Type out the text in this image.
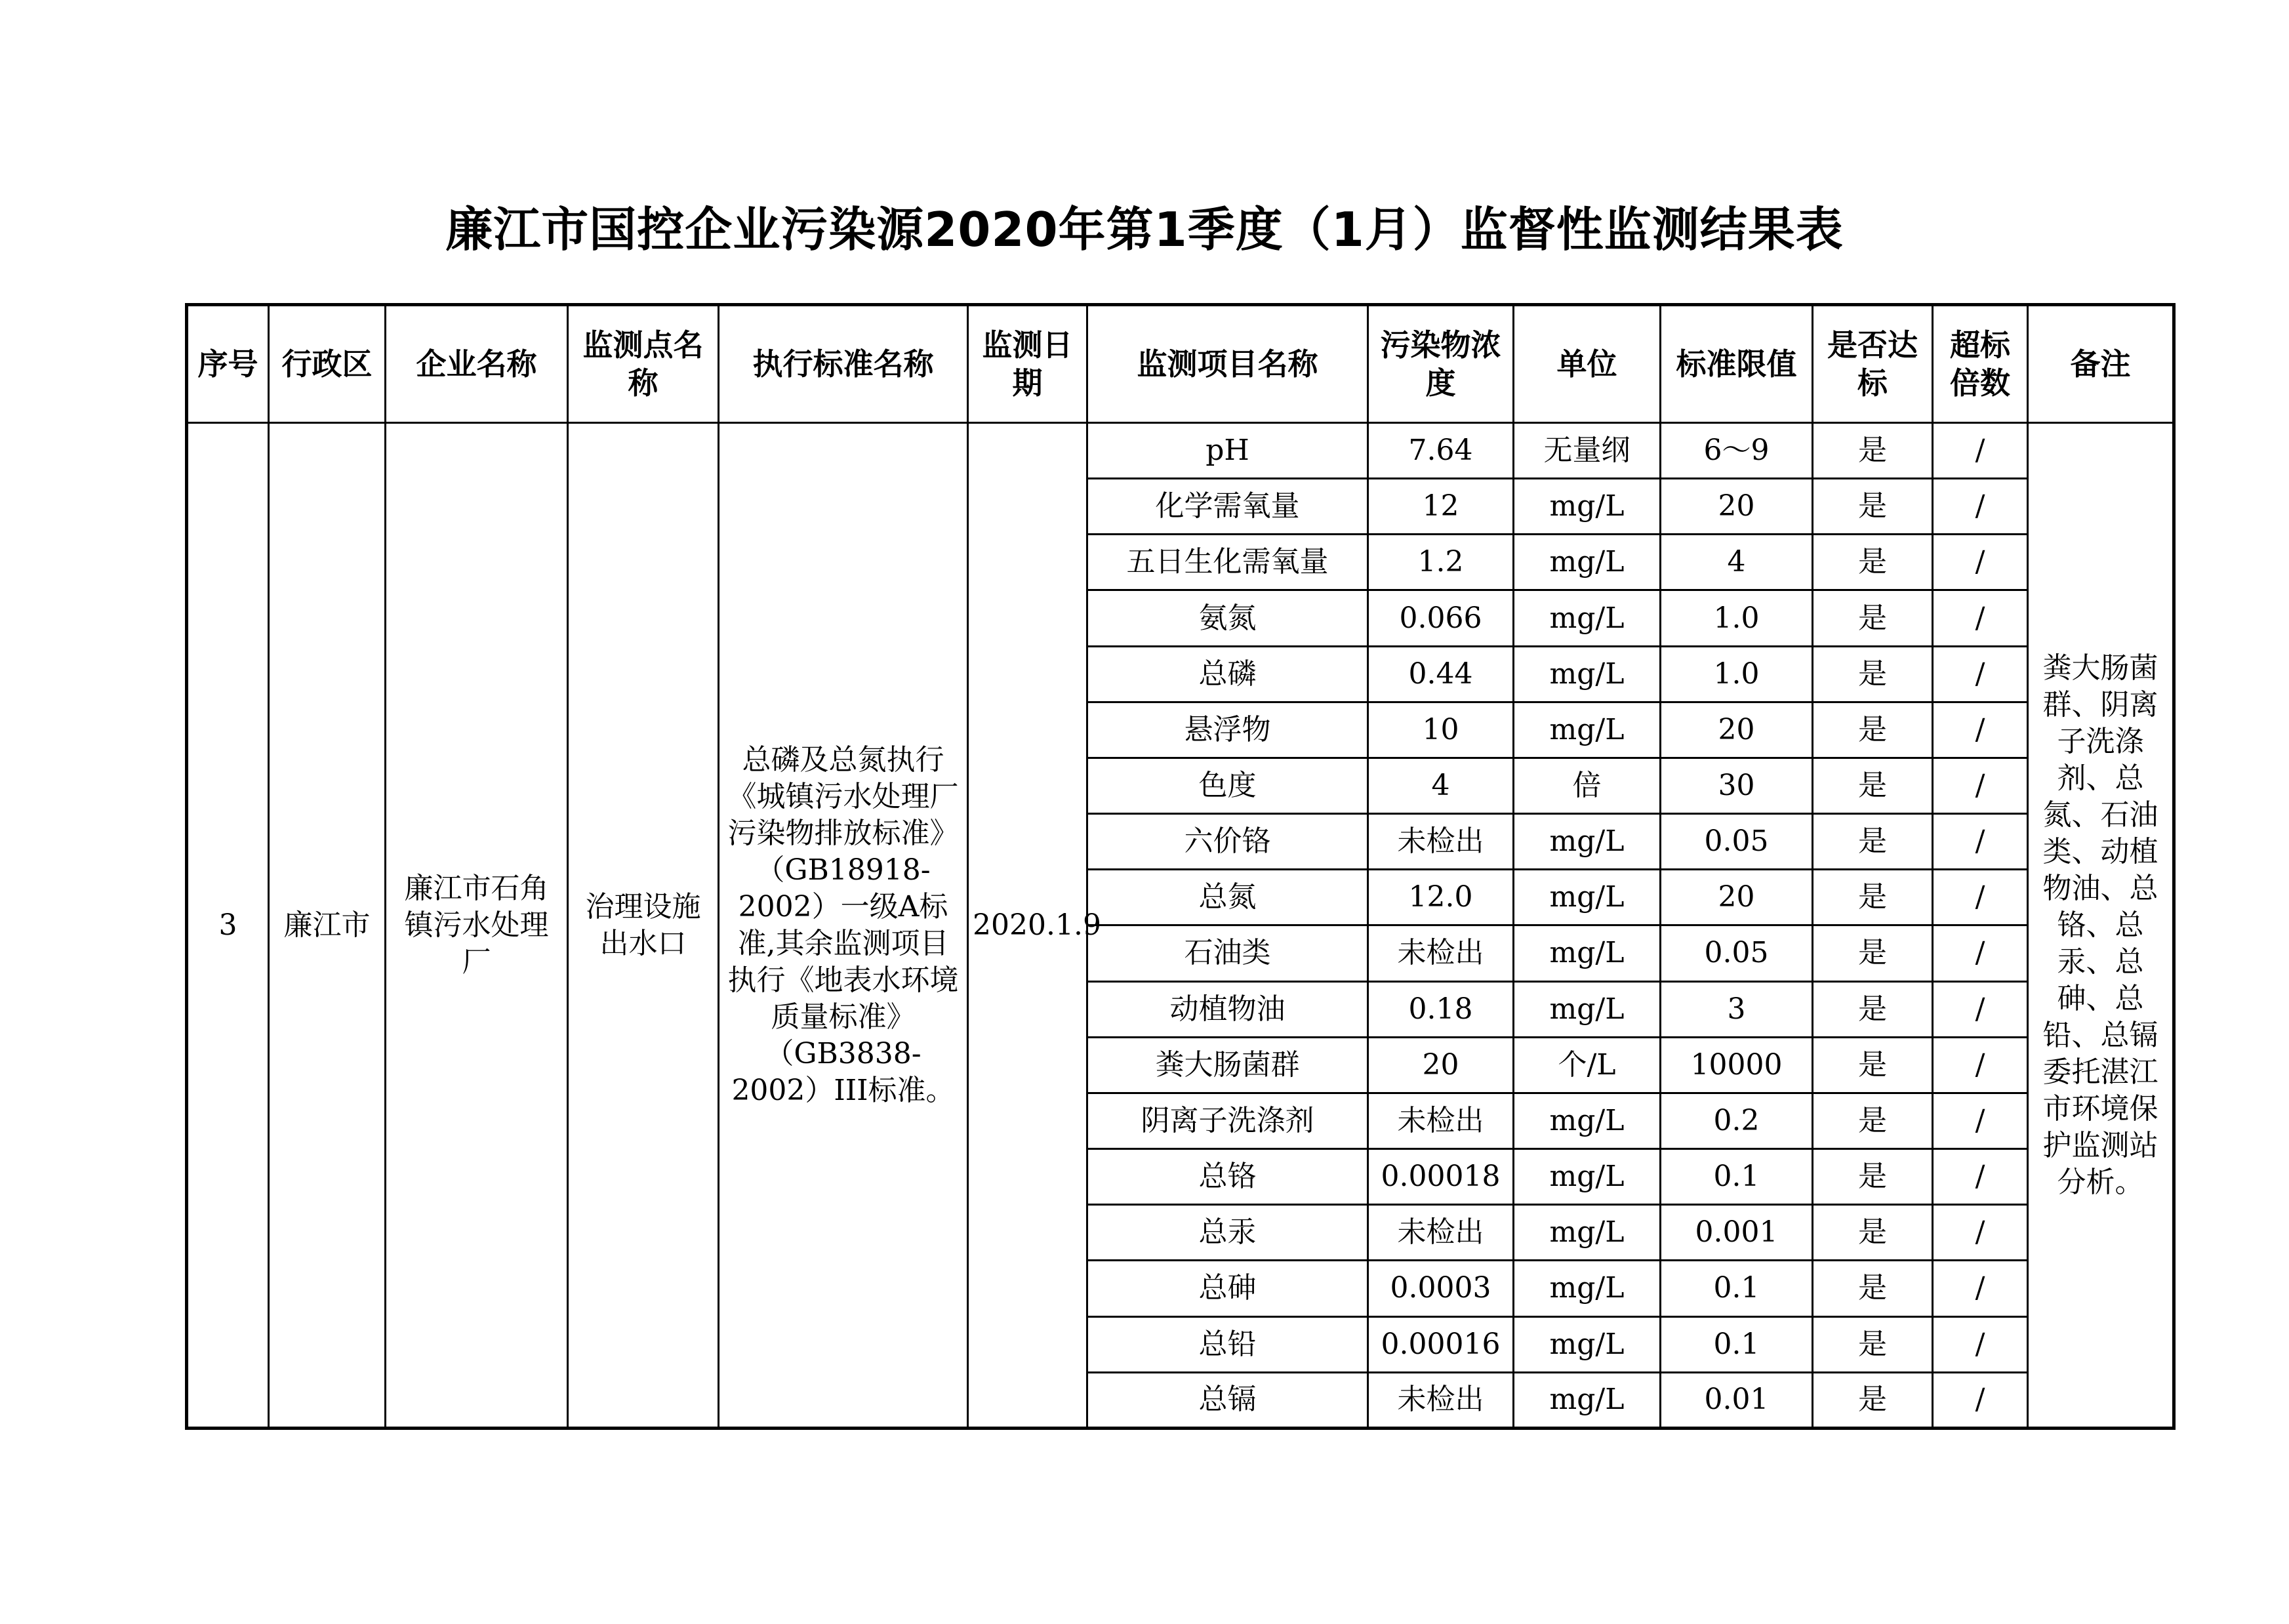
廉江市国控企业污染源2020年第1季度（1月）监督性监测结果表
序号	行政区	企业名称	监测点名称	执行标准名称	监测日期	监测项目名称	污染物浓度	单位	标准限值	是否达标	超标倍数	备注
3	廉江市	廉江市石角镇污水处理厂	治理设施出水口	总磷及总氮执行《城镇污水处理厂污染物排放标准》（GB18918-2002）一级A标准,其余监测项目执行《地表水环境质量标准》（GB3838-2002）III标准。	2020.1.9	pH	7.64	无量纲	6～9	是	/	粪大肠菌群、阴离子洗涤剂、总氮、石油类、动植物油、总铬、总汞、总砷、总铅、总镉委托湛江市环境保护监测站分析。
						化学需氧量	12	mg/L	20	是	/	
						五日生化需氧量	1.2	mg/L	4	是	/	
						氨氮	0.066	mg/L	1.0	是	/	
						总磷	0.44	mg/L	1.0	是	/	
						悬浮物	10	mg/L	20	是	/	
						色度	4	倍	30	是	/	
						六价铬	未检出	mg/L	0.05	是	/	
						总氮	12.0	mg/L	20	是	/	
						石油类	未检出	mg/L	0.05	是	/	
						动植物油	0.18	mg/L	3	是	/	
						粪大肠菌群	20	个/L	10000	是	/	
						阴离子洗涤剂	未检出	mg/L	0.2	是	/	
						总铬	0.00018	mg/L	0.1	是	/	
						总汞	未检出	mg/L	0.001	是	/	
						总砷	0.0003	mg/L	0.1	是	/	
						总铅	0.00016	mg/L	0.1	是	/	
						总镉	未检出	mg/L	0.01	是	/	
